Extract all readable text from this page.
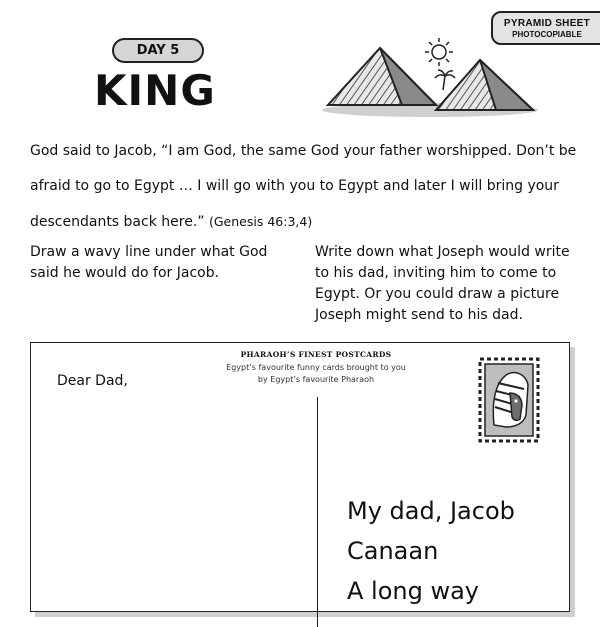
PYRAMID SHEET
PHOTOCOPIABLE
DAY 5
KING

God said to Jacob, “I am God, the same God your father worshipped. Don’t be afraid to go to Egypt … I will go with you to Egypt and later I will bring your descendants back here.” (Genesis 46:3,4)

Draw a wavy line under what God said he would do for Jacob.

Write down what Joseph would write to his dad, inviting him to come to Egypt. Or you could draw a picture Joseph might send to his dad.

Dear Dad,

PHARAOH’S FINEST POSTCARDS
Egypt’s favourite funny cards brought to you by Egypt’s favourite Pharaoh

My dad, Jacob
Canaan
A long way
